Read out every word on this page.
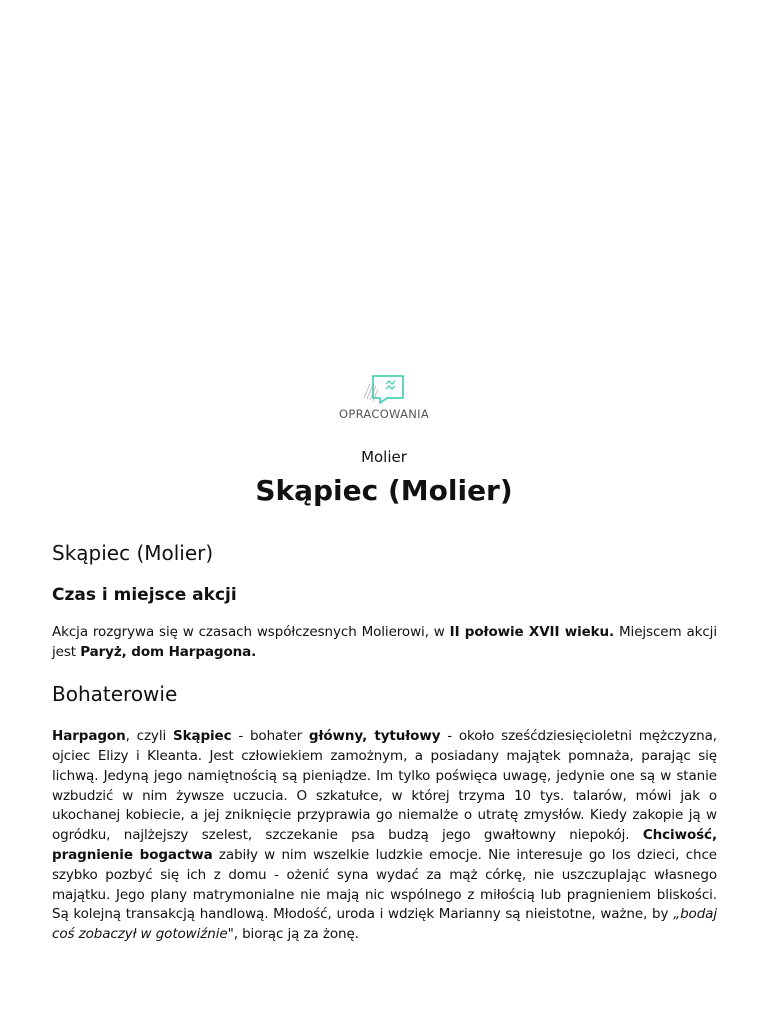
OPRACOWANIA
Molier
Skąpiec (Molier)
Skąpiec (Molier)
Czas i miejsce akcji

Akcja rozgrywa się w czasach współczesnych Molierowi, w II połowie XVII wieku. Miejscem akcji jest Paryż, dom Harpagona.

Bohaterowie

Harpagon, czyli Skąpiec - bohater główny, tytułowy - około sześćdziesięcioletni mężczyzna, ojciec Elizy i Kleanta. Jest człowiekiem zamożnym, a posiadany majątek pomnaża, parając się lichwą. Jedyną jego namiętnością są pieniądze. Im tylko poświęca uwagę, jedynie one są w stanie wzbudzić w nim żywsze uczucia. O szkatułce, w której trzyma 10 tys. talarów, mówi jak o ukochanej kobiecie, a jej zniknięcie przyprawia go niemalże o utratę zmysłów. Kiedy zakopie ją w ogródku, najlżejszy szelest, szczekanie psa budzą jego gwałtowny niepokój. Chciwość, pragnienie bogactwa zabiły w nim wszelkie ludzkie emocje. Nie interesuje go los dzieci, chce szybko pozbyć się ich z domu - ożenić syna wydać za mąż córkę, nie uszczuplając własnego majątku. Jego plany matrymonialne nie mają nic wspólnego z miłością lub pragnieniem bliskości. Są kolejną transakcją handlową. Młodość, uroda i wdzięk Marianny są nieistotne, ważne, by „bodaj coś zobaczył w gotowiźnie", biorąc ją za żonę.
